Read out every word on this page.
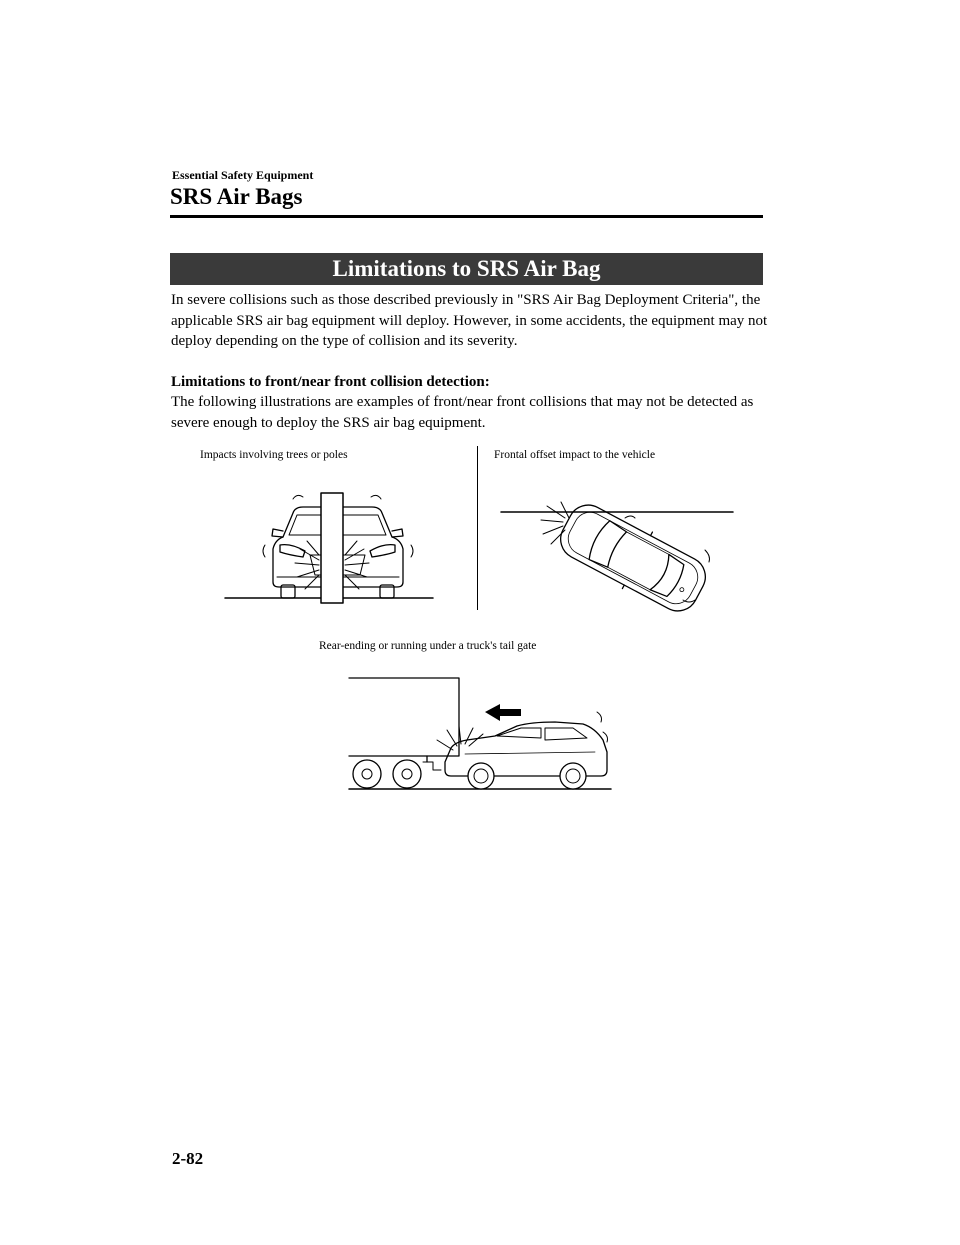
Essential Safety Equipment
SRS Air Bags
Limitations to SRS Air Bag

In severe collisions such as those described previously in "SRS Air Bag Deployment Criteria", the applicable SRS air bag equipment will deploy. However, in some accidents, the equipment may not deploy depending on the type of collision and its severity.

Limitations to front/near front collision detection:

The following illustrations are examples of front/near front collisions that may not be detected as severe enough to deploy the SRS air bag equipment.

Impacts involving trees or poles	Frontal offset impact to the vehicle
Rear-ending or running under a truck's tail gate
2-82
